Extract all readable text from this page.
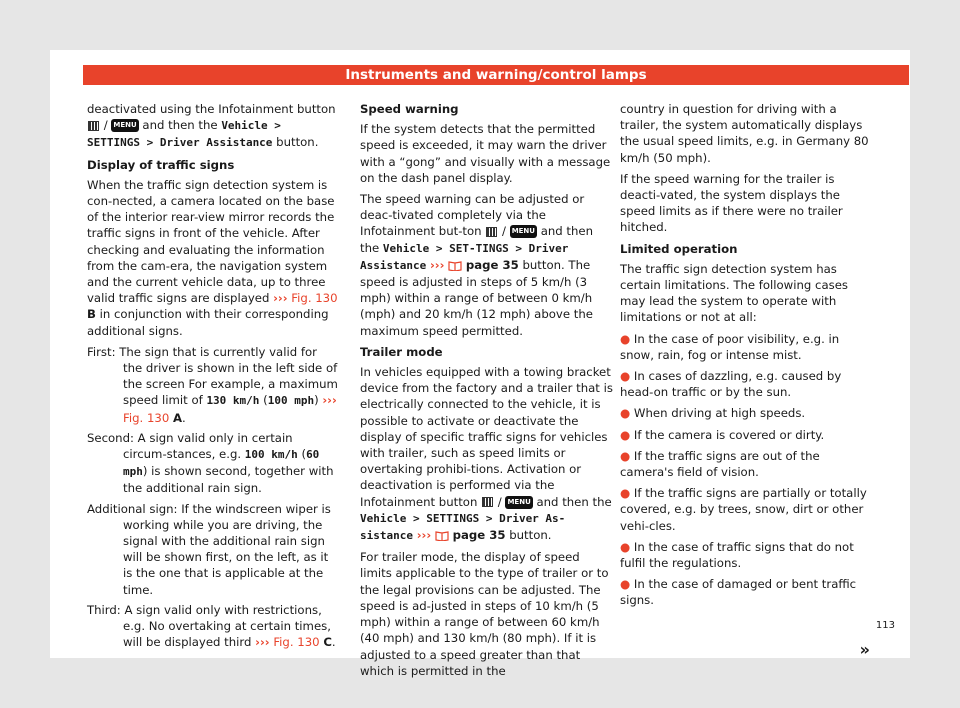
Instruments and warning/control lamps

deactivated using the Infotainment button  / MENU and then the Vehicle > SETTINGS > Driver Assistance button.

Display of traffic signs

When the traffic sign detection system is con-nected, a camera located on the base of the interior rear-view mirror records the traffic signs in front of the vehicle. After checking and evaluating the information from the cam-era, the navigation system and the current vehicle data, up to three valid traffic signs are displayed ››› Fig. 130 B in conjunction with their corresponding additional signs.

First: The sign that is currently valid for the driver is shown in the left side of the screen For example, a maximum speed limit of 130 km/h (100 mph) ››› Fig. 130 A.
Second: A sign valid only in certain circum-stances, e.g. 100 km/h (60 mph) is shown second, together with the additional rain sign.
Additional sign: If the windscreen wiper is working while you are driving, the signal with the additional rain sign will be shown first, on the left, as it is the one that is applicable at the time.
Third: A sign valid only with restrictions, e.g. No overtaking at certain times, will be displayed third ››› Fig. 130 C.

Speed warning

If the system detects that the permitted speed is exceeded, it may warn the driver with a “gong” and visually with a message on the dash panel display.

The speed warning can be adjusted or deac-tivated completely via the Infotainment but-ton / MENU and then the Vehicle > SET-TINGS > Driver Assistance ››› page 35 button. The speed is adjusted in steps of 5 km/h (3 mph) within a range of between 0 km/h (mph) and 20 km/h (12 mph) above the maximum speed permitted.

Trailer mode

In vehicles equipped with a towing bracket device from the factory and a trailer that is electrically connected to the vehicle, it is possible to activate or deactivate the display of specific traffic signs for vehicles with trailer, such as speed limits or overtaking prohibi-tions. Activation or deactivation is performed via the Infotainment button / MENU and then the Vehicle > SETTINGS > Driver As-sistance ››› page 35 button.

For trailer mode, the display of speed limits applicable to the type of trailer or to the legal provisions can be adjusted. The speed is ad-justed in steps of 10 km/h (5 mph) within a range of between 60 km/h (40 mph) and 130 km/h (80 mph). If it is adjusted to a speed greater than that which is permitted in the

country in question for driving with a trailer, the system automatically displays the usual speed limits, e.g. in Germany 80 km/h (50 mph).

If the speed warning for the trailer is deacti-vated, the system displays the speed limits as if there were no trailer hitched.

Limited operation

The traffic sign detection system has certain limitations. The following cases may lead the system to operate with limitations or not at all:

● In the case of poor visibility, e.g. in snow, rain, fog or intense mist.
● In cases of dazzling, e.g. caused by head-on traffic or by the sun.
● When driving at high speeds.
● If the camera is covered or dirty.
● If the traffic signs are out of the camera's field of vision.
● If the traffic signs are partially or totally covered, e.g. by trees, snow, dirt or other vehi-cles.
● In the case of traffic signs that do not fulfil the regulations.
● In the case of damaged or bent traffic signs.
»
113
